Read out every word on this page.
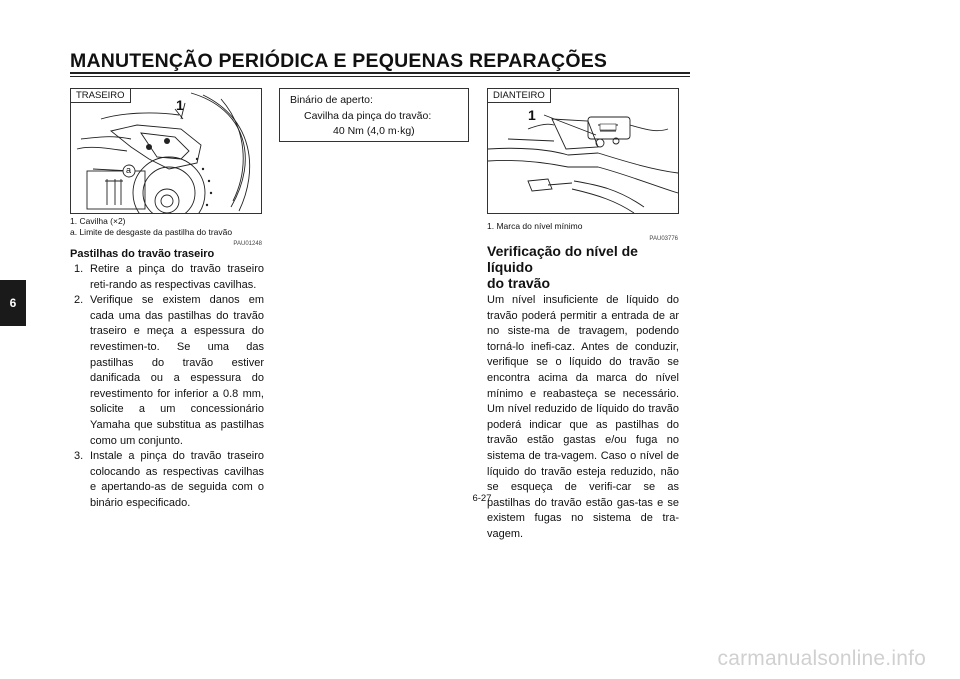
MANUTENÇÃO PERIÓDICA E PEQUENAS REPARAÇÕES
6
TRASEIRO
1
a
1. Cavilha (×2)
a. Limite de desgaste da pastilha do travão
PAU01248
Pastilhas do travão traseiro
1. Retire a pinça do travão traseiro reti-rando as respectivas cavilhas.
2. Verifique se existem danos em cada uma das pastilhas do travão traseiro e meça a espessura do revestimen-to. Se uma das pastilhas do travão estiver danificada ou a espessura do revestimento for inferior a 0.8 mm, solicite a um concessionário Yamaha que substitua as pastilhas como um conjunto.
3. Instale a pinça do travão traseiro colocando as respectivas cavilhas e apertando-as de seguida com o binário especificado.
Binário de aperto:
Cavilha da pinça do travão:
40 Nm (4,0 m·kg)
DIANTEIRO
1
1. Marca do nível mínimo
PAU03776
Verificação do nível de líquido
do travão
Um nível insuficiente de líquido do travão poderá permitir a entrada de ar no siste-ma de travagem, podendo torná-lo inefi-caz. Antes de conduzir, verifique se o líquido do travão se encontra acima da marca do nível mínimo e reabasteça se necessário. Um nível reduzido de líquido do travão poderá indicar que as pastilhas do travão estão gastas e/ou fuga no sistema de tra-vagem. Caso o nível de líquido do travão esteja reduzido, não se esqueça de verifi-car se as pastilhas do travão estão gas-tas e se existem fugas no sistema de tra-vagem.
6-27
carmanualsonline.info
